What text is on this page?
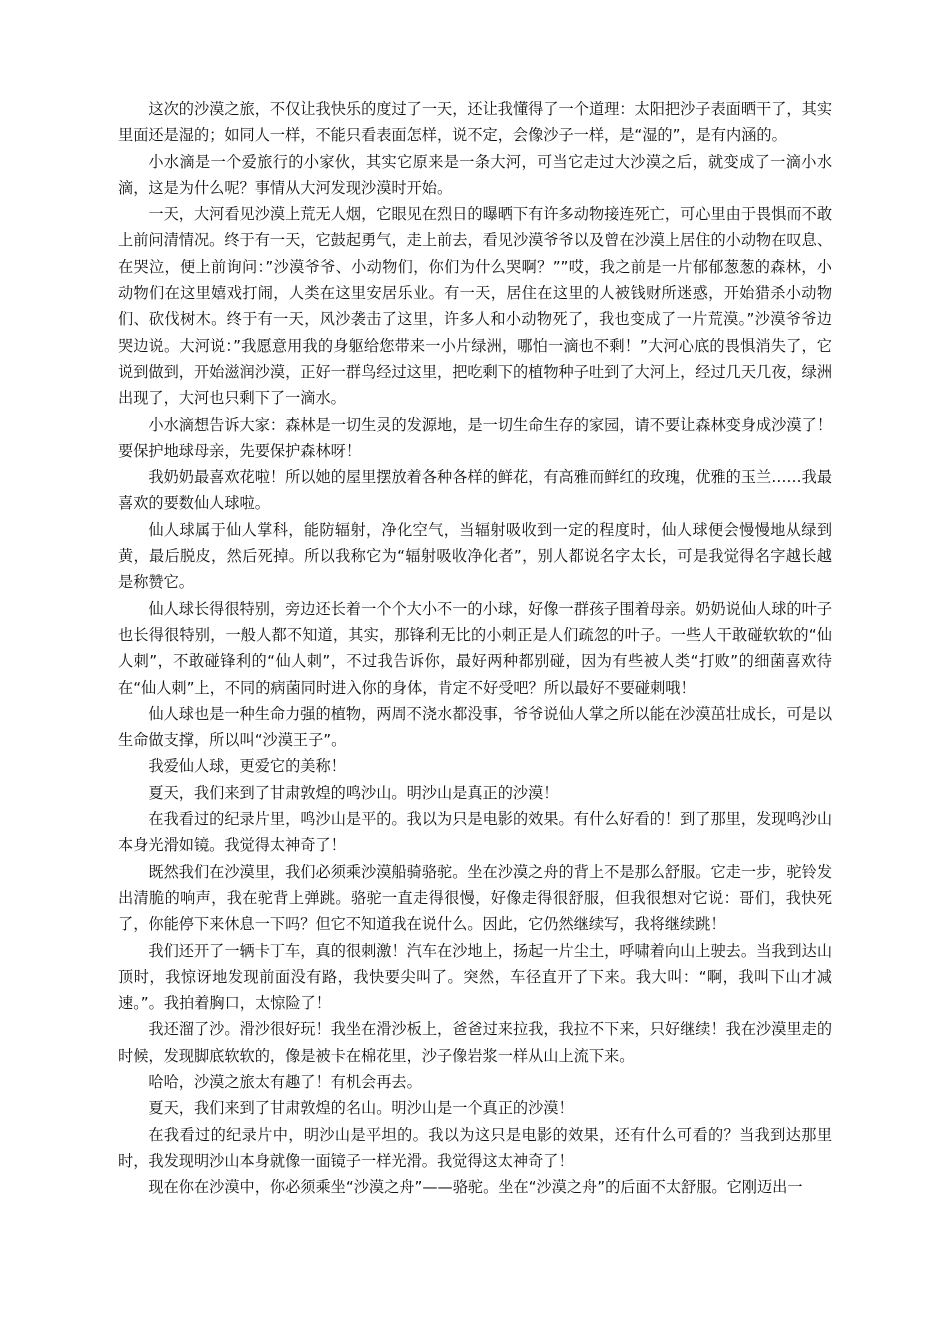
这次的沙漠之旅，不仅让我快乐的度过了一天，还让我懂得了一个道理：太阳把沙子表面晒干了，其实里面还是湿的；如同人一样，不能只看表面怎样，说不定，会像沙子一样，是“湿的”，是有内涵的。

小水滴是一个爱旅行的小家伙，其实它原来是一条大河，可当它走过大沙漠之后，就变成了一滴小水滴，这是为什么呢？事情从大河发现沙漠时开始。

一天，大河看见沙漠上荒无人烟，它眼见在烈日的曝晒下有许多动物接连死亡，可心里由于畏惧而不敢上前问清情况。终于有一天，它鼓起勇气，走上前去，看见沙漠爷爷以及曾在沙漠上居住的小动物在叹息、在哭泣，便上前询问：”沙漠爷爷、小动物们，你们为什么哭啊？””哎，我之前是一片郁郁葱葱的森林，小动物们在这里嬉戏打闹，人类在这里安居乐业。有一天，居住在这里的人被钱财所迷惑，开始猎杀小动物们、砍伐树木。终于有一天，风沙袭击了这里，许多人和小动物死了，我也变成了一片荒漠。”沙漠爷爷边哭边说。大河说：”我愿意用我的身躯给您带来一小片绿洲，哪怕一滴也不剩！”大河心底的畏惧消失了，它说到做到，开始滋润沙漠，正好一群鸟经过这里，把吃剩下的植物种子吐到了大河上，经过几天几夜，绿洲出现了，大河也只剩下了一滴水。

小水滴想告诉大家：森林是一切生灵的发源地，是一切生命生存的家园，请不要让森林变身成沙漠了！要保护地球母亲，先要保护森林呀！

我奶奶最喜欢花啦！所以她的屋里摆放着各种各样的鲜花，有高雅而鲜红的玫瑰，优雅的玉兰……我最喜欢的要数仙人球啦。

仙人球属于仙人掌科，能防辐射，净化空气，当辐射吸收到一定的程度时，仙人球便会慢慢地从绿到黄，最后脱皮，然后死掉。所以我称它为“辐射吸收净化者”，别人都说名字太长，可是我觉得名字越长越是称赞它。

仙人球长得很特别，旁边还长着一个个大小不一的小球，好像一群孩子围着母亲。奶奶说仙人球的叶子也长得很特别，一般人都不知道，其实，那锋利无比的小刺正是人们疏忽的叶子。一些人干敢碰软软的“仙人刺”，不敢碰锋利的“仙人刺”，不过我告诉你，最好两种都别碰，因为有些被人类“打败”的细菌喜欢待在“仙人刺”上，不同的病菌同时进入你的身体，肯定不好受吧？所以最好不要碰刺哦！

仙人球也是一种生命力强的植物，两周不浇水都没事，爷爷说仙人掌之所以能在沙漠茁壮成长，可是以生命做支撑，所以叫“沙漠王子”。

我爱仙人球，更爱它的美称！

夏天，我们来到了甘肃敦煌的鸣沙山。明沙山是真正的沙漠！

在我看过的纪录片里，鸣沙山是平的。我以为只是电影的效果。有什么好看的！到了那里，发现鸣沙山本身光滑如镜。我觉得太神奇了！

既然我们在沙漠里，我们必须乘沙漠船骑骆驼。坐在沙漠之舟的背上不是那么舒服。它走一步，驼铃发出清脆的响声，我在驼背上弹跳。骆驼一直走得很慢，好像走得很舒服，但我很想对它说：哥们，我快死了，你能停下来休息一下吗？但它不知道我在说什么。因此，它仍然继续写，我将继续跳！

我们还开了一辆卡丁车，真的很刺激！汽车在沙地上，扬起一片尘土，呼啸着向山上驶去。当我到达山顶时，我惊讶地发现前面没有路，我快要尖叫了。突然，车径直开了下来。我大叫：“啊，我叫下山才减速。”。我拍着胸口，太惊险了！

我还溜了沙。滑沙很好玩！我坐在滑沙板上，爸爸过来拉我，我拉不下来，只好继续！我在沙漠里走的时候，发现脚底软软的，像是被卡在棉花里，沙子像岩浆一样从山上流下来。

哈哈，沙漠之旅太有趣了！有机会再去。

夏天，我们来到了甘肃敦煌的名山。明沙山是一个真正的沙漠！

在我看过的纪录片中，明沙山是平坦的。我以为这只是电影的效果，还有什么可看的？当我到达那里时，我发现明沙山本身就像一面镜子一样光滑。我觉得这太神奇了！

现在你在沙漠中，你必须乘坐“沙漠之舟”——骆驼。坐在“沙漠之舟”的后面不太舒服。它刚迈出一
